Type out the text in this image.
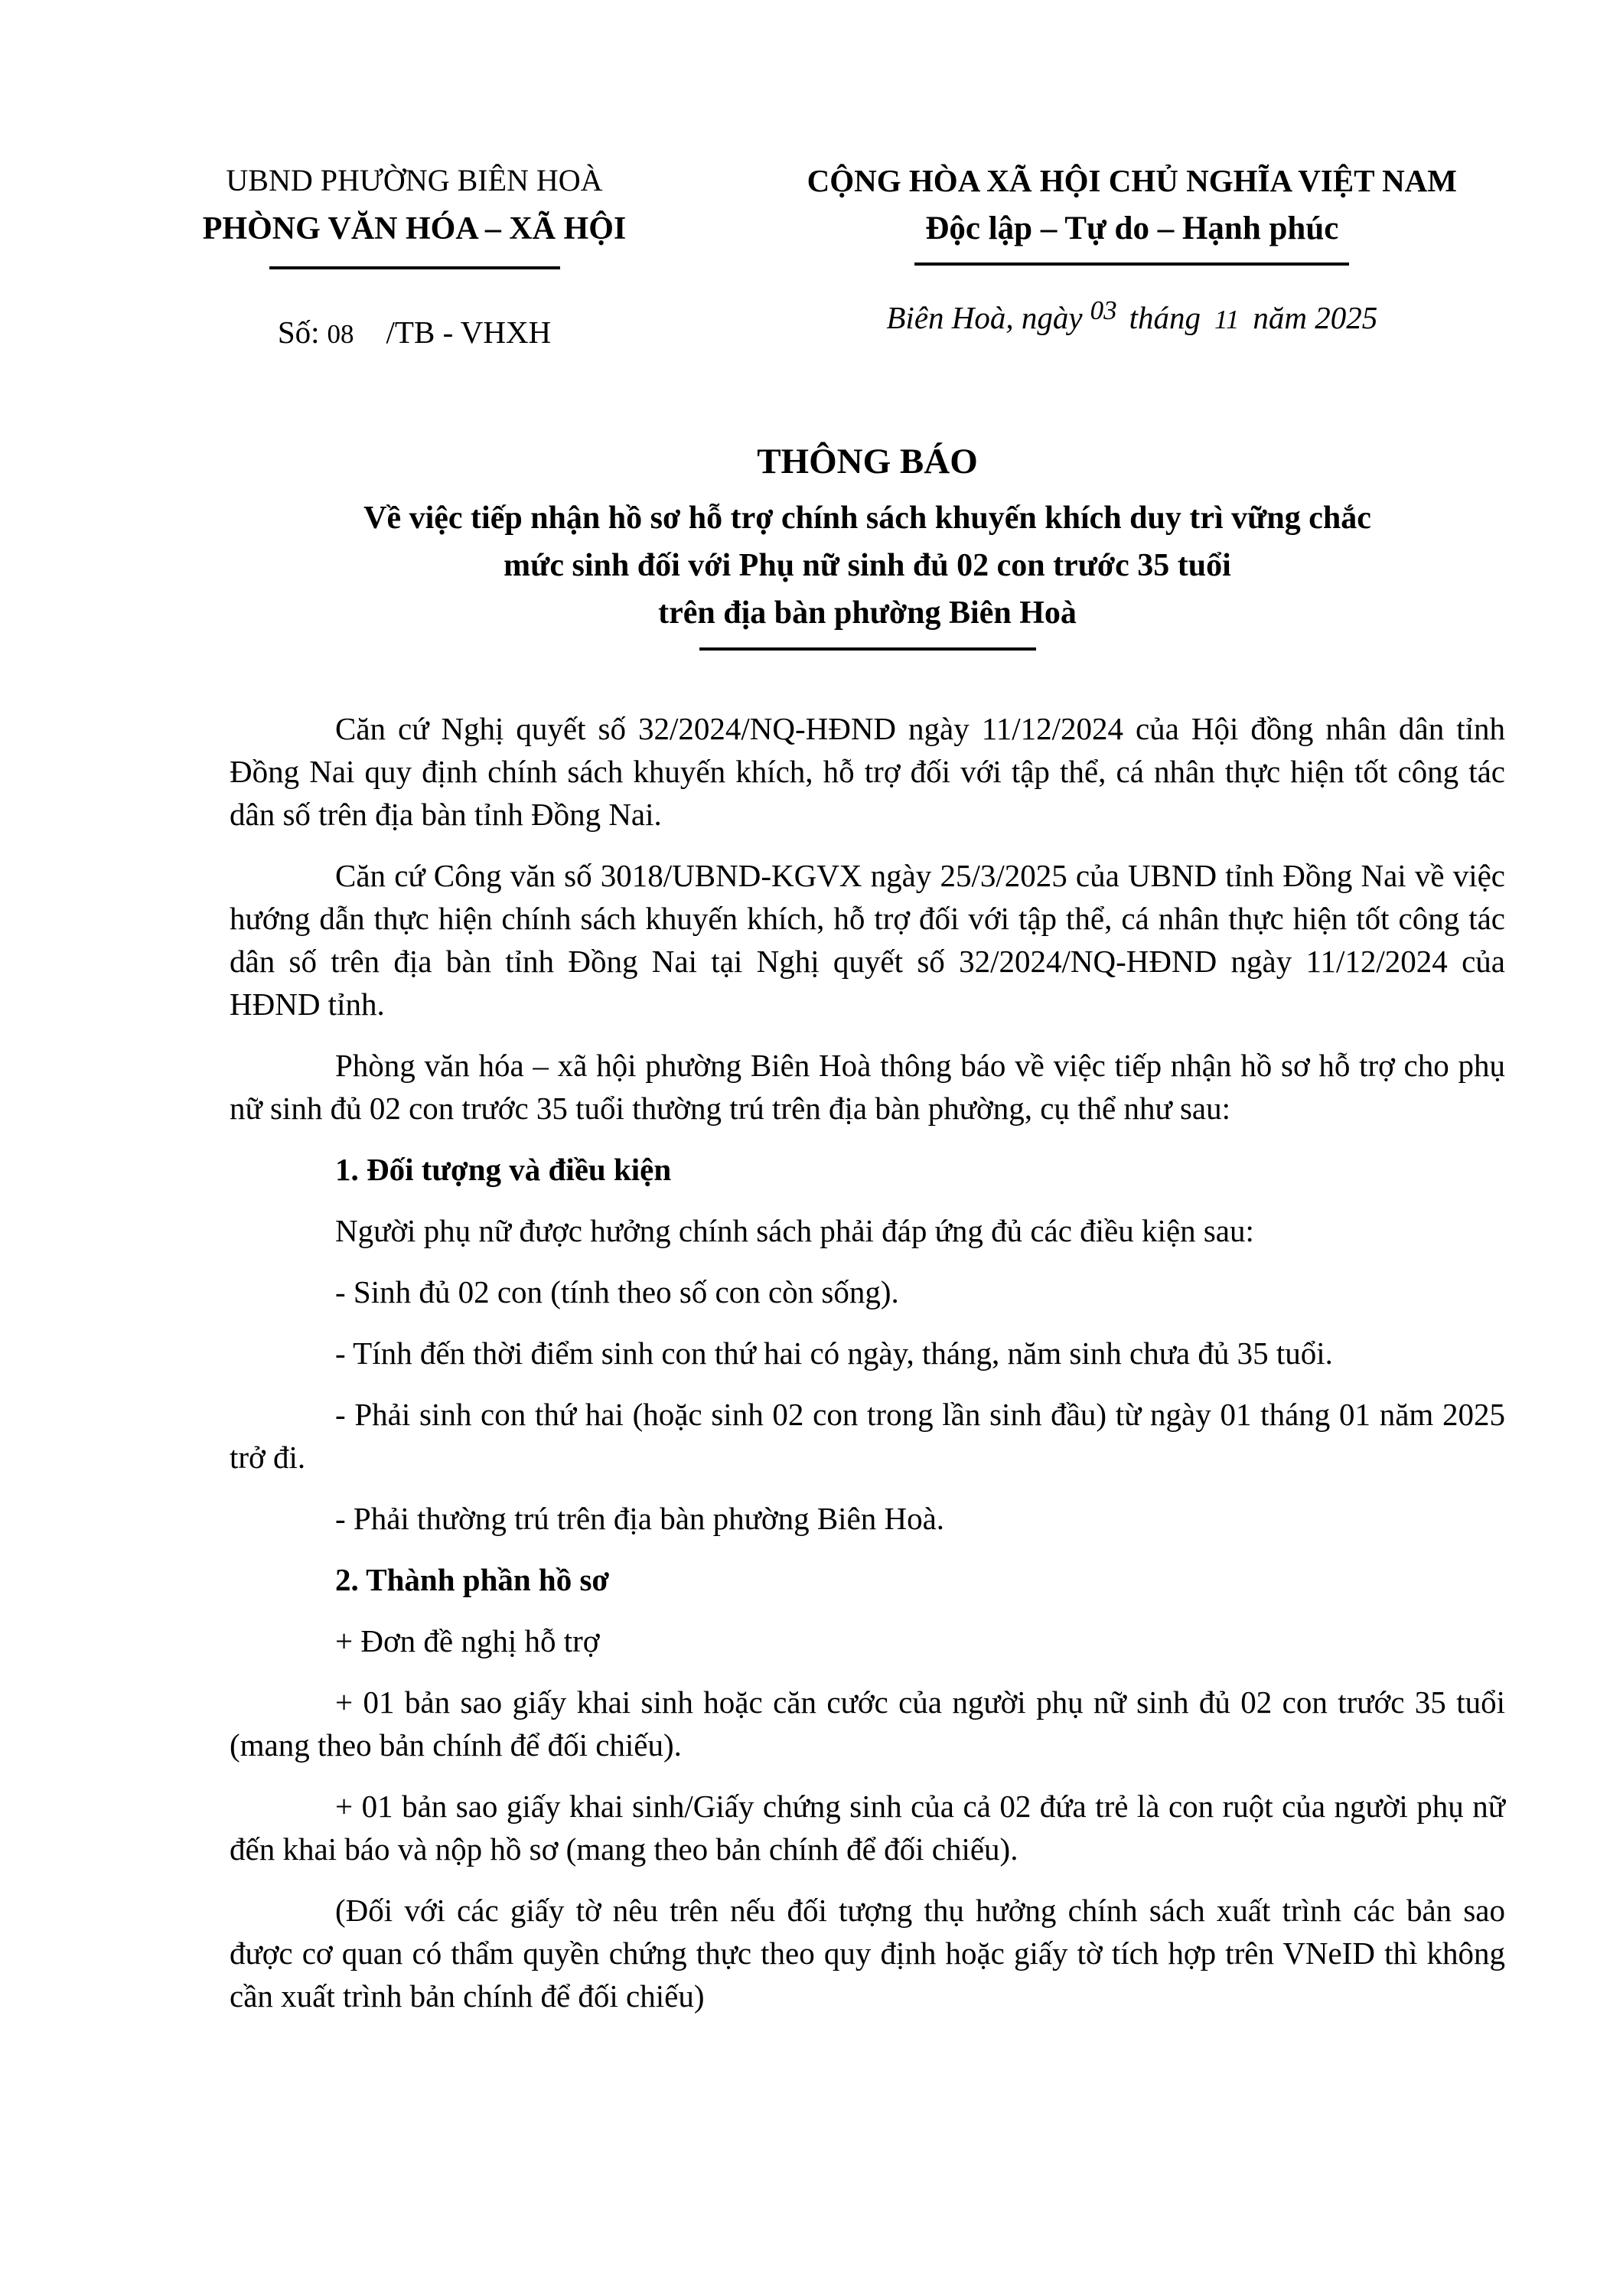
UBND PHƯỜNG BIÊN HOÀ
PHÒNG VĂN HÓA – XÃ HỘI
Số: 08 /TB - VHXH
CỘNG HÒA XÃ HỘI CHỦ NGHĨA VIỆT NAM
Độc lập – Tự do – Hạnh phúc
Biên Hoà, ngày 03 tháng 11 năm 2025
THÔNG BÁO
Về việc tiếp nhận hồ sơ hỗ trợ chính sách khuyến khích duy trì vững chắc
mức sinh đối với Phụ nữ sinh đủ 02 con trước 35 tuổi
trên địa bàn phường Biên Hoà

Căn cứ Nghị quyết số 32/2024/NQ-HĐND ngày 11/12/2024 của Hội đồng nhân dân tỉnh Đồng Nai quy định chính sách khuyến khích, hỗ trợ đối với tập thể, cá nhân thực hiện tốt công tác dân số trên địa bàn tỉnh Đồng Nai.

Căn cứ Công văn số 3018/UBND-KGVX ngày 25/3/2025 của UBND tỉnh Đồng Nai về việc hướng dẫn thực hiện chính sách khuyến khích, hỗ trợ đối với tập thể, cá nhân thực hiện tốt công tác dân số trên địa bàn tỉnh Đồng Nai tại Nghị quyết số 32/2024/NQ-HĐND ngày 11/12/2024 của HĐND tỉnh.

Phòng văn hóa – xã hội phường Biên Hoà thông báo về việc tiếp nhận hồ sơ hỗ trợ cho phụ nữ sinh đủ 02 con trước 35 tuổi thường trú trên địa bàn phường, cụ thể như sau:

1. Đối tượng và điều kiện

Người phụ nữ được hưởng chính sách phải đáp ứng đủ các điều kiện sau:

- Sinh đủ 02 con (tính theo số con còn sống).

- Tính đến thời điểm sinh con thứ hai có ngày, tháng, năm sinh chưa đủ 35 tuổi.

- Phải sinh con thứ hai (hoặc sinh 02 con trong lần sinh đầu) từ ngày 01 tháng 01 năm 2025 trở đi.

- Phải thường trú trên địa bàn phường Biên Hoà.

2. Thành phần hồ sơ

+ Đơn đề nghị hỗ trợ

+ 01 bản sao giấy khai sinh hoặc căn cước của người phụ nữ sinh đủ 02 con trước 35 tuổi (mang theo bản chính để đối chiếu).

+ 01 bản sao giấy khai sinh/Giấy chứng sinh của cả 02 đứa trẻ là con ruột của người phụ nữ đến khai báo và nộp hồ sơ (mang theo bản chính để đối chiếu).

(Đối với các giấy tờ nêu trên nếu đối tượng thụ hưởng chính sách xuất trình các bản sao được cơ quan có thẩm quyền chứng thực theo quy định hoặc giấy tờ tích hợp trên VNeID thì không cần xuất trình bản chính để đối chiếu)
